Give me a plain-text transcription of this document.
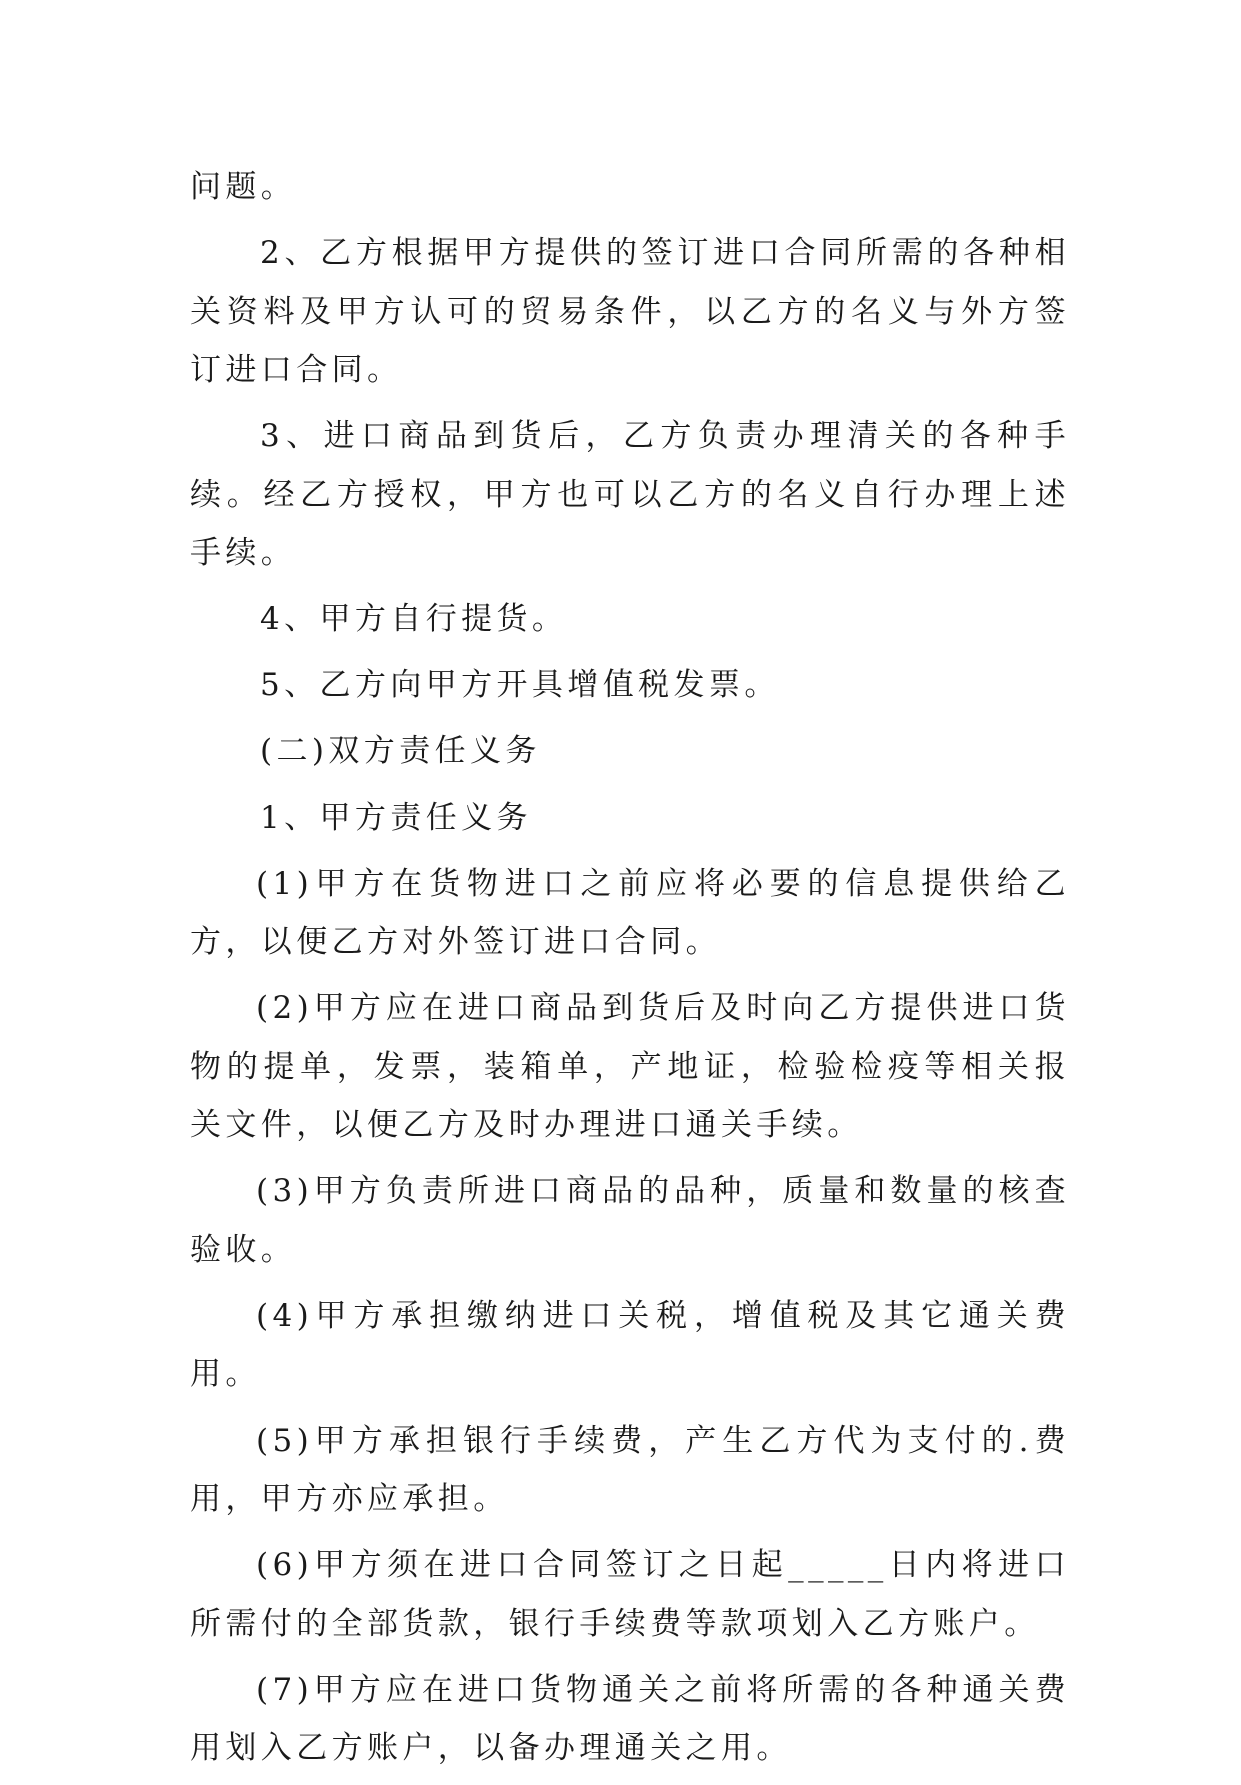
问题。

2、乙方根据甲方提供的签订进口合同所需的各种相关资料及甲方认可的贸易条件，以乙方的名义与外方签订进口合同。

3、进口商品到货后，乙方负责办理清关的各种手续。经乙方授权，甲方也可以乙方的名义自行办理上述手续。

4、甲方自行提货。

5、乙方向甲方开具增值税发票。

(二)双方责任义务

1、甲方责任义务

(1)甲方在货物进口之前应将必要的信息提供给乙方，以便乙方对外签订进口合同。

(2)甲方应在进口商品到货后及时向乙方提供进口货物的提单，发票，装箱单，产地证，检验检疫等相关报关文件，以便乙方及时办理进口通关手续。

(3)甲方负责所进口商品的品种，质量和数量的核查验收。

(4)甲方承担缴纳进口关税，增值税及其它通关费用。

(5)甲方承担银行手续费，产生乙方代为支付的.费用，甲方亦应承担。

(6)甲方须在进口合同签订之日起_____日内将进口所需付的全部货款，银行手续费等款项划入乙方账户。

(7)甲方应在进口货物通关之前将所需的各种通关费用划入乙方账户，以备办理通关之用。
